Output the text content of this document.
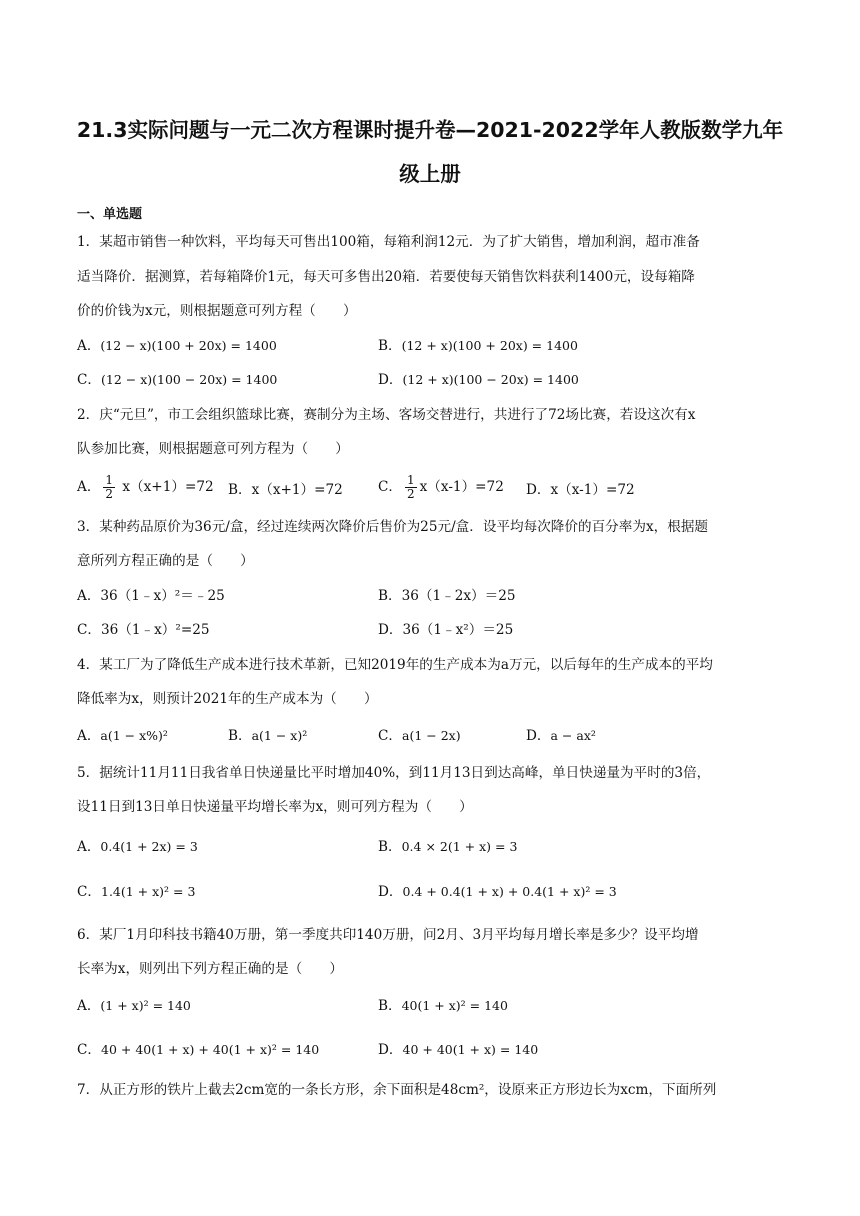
21.3实际问题与一元二次方程课时提升卷—2021-2022学年人教版数学九年
级上册
一、单选题
1．某超市销售一种饮料，平均每天可售出100箱，每箱利润12元．为了扩大销售，增加利润，超市准备
适当降价．据测算，若每箱降价1元，每天可多售出20箱．若要使每天销售饮料获利1400元，设每箱降
价的价钱为x元，则根据题意可列方程（　　）
A．(12 − x)(100 + 20x) = 1400	B．(12 + x)(100 + 20x) = 1400
C．(12 − x)(100 − 20x) = 1400	D．(12 + x)(100 − 20x) = 1400
2．庆“元旦”，市工会组织篮球比赛，赛制分为主场、客场交替进行，共进行了72场比赛，若设这次有x
队参加比赛，则根据题意可列方程为（　　）
A． $\frac{1}{2} x(x+1)=72$ B．x（x+1）=72	C． $\frac{1}{2} x(x-1)=72$ D．x（x-1）=72
3．某种药品原价为36元/盒，经过连续两次降价后售价为25元/盒．设平均每次降价的百分率为x，根据题
意所列方程正确的是（　　）
A．36（1﹣x）²＝﹣25	B．36（1﹣2x）＝25
C．36（1﹣x）²=25	D．36（1﹣x²）＝25
4．某工厂为了降低生产成本进行技术革新，已知2019年的生产成本为a万元，以后每年的生产成本的平均
降低率为x，则预计2021年的生产成本为（　　）
A．a(1 − x%)²	B．a(1 − x)²	C．a(1 − 2x)	D．a − ax²
5．据统计11月11日我省单日快递量比平时增加40%，到11月13日到达高峰，单日快递量为平时的3倍，
设11日到13日单日快递量平均增长率为x，则可列方程为（　　）
A．0.4(1 + 2x) = 3	B．0.4 × 2(1 + x) = 3
C．1.4(1 + x)² = 3	D．0.4 + 0.4(1 + x) + 0.4(1 + x)² = 3
6．某厂1月印科技书籍40万册，第一季度共印140万册，问2月、3月平均每月增长率是多少？设平均增
长率为x，则列出下列方程正确的是（　　）
A．(1 + x)² = 140	B．40(1 + x)² = 140
C．40 + 40(1 + x) + 40(1 + x)² = 140	D．40 + 40(1 + x) = 140
7．从正方形的铁片上截去2cm宽的一条长方形，余下面积是48cm²，设原来正方形边长为xcm，下面所列
